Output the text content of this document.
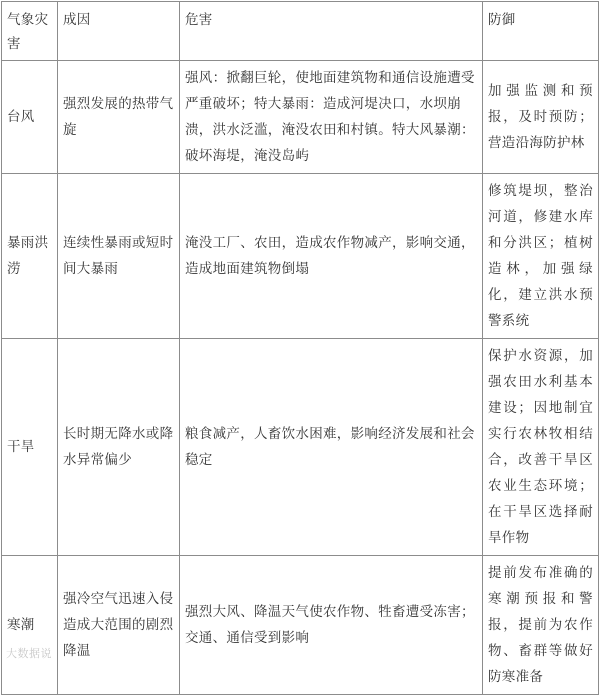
气象灾害	成因	危害	防御
台风	强烈发展的热带气旋	强风：掀翻巨轮，使地面建筑物和通信设施遭受严重破坏；特大暴雨：造成河堤决口，水坝崩溃，洪水泛滥，淹没农田和村镇。特大风暴潮：破坏海堤，淹没岛屿	加强监测和预报，及时预防；营造沿海防护林
暴雨洪涝	连续性暴雨或短时间大暴雨	淹没工厂、农田，造成农作物减产，影响交通，造成地面建筑物倒塌	修筑堤坝，整治河道，修建水库和分洪区；植树造林，加强绿化，建立洪水预警系统
干旱	长时期无降水或降水异常偏少	粮食减产，人畜饮水困难，影响经济发展和社会稳定	保护水资源，加强农田水利基本建设；因地制宜实行农林牧相结合，改善干旱区农业生态环境；在干旱区选择耐旱作物
寒潮	强冷空气迅速入侵造成大范围的剧烈降温	强烈大风、降温天气使农作物、牲畜遭受冻害；交通、通信受到影响	提前发布准确的寒潮预报和警报，提前为农作物、畜群等做好防寒准备
大数据说
